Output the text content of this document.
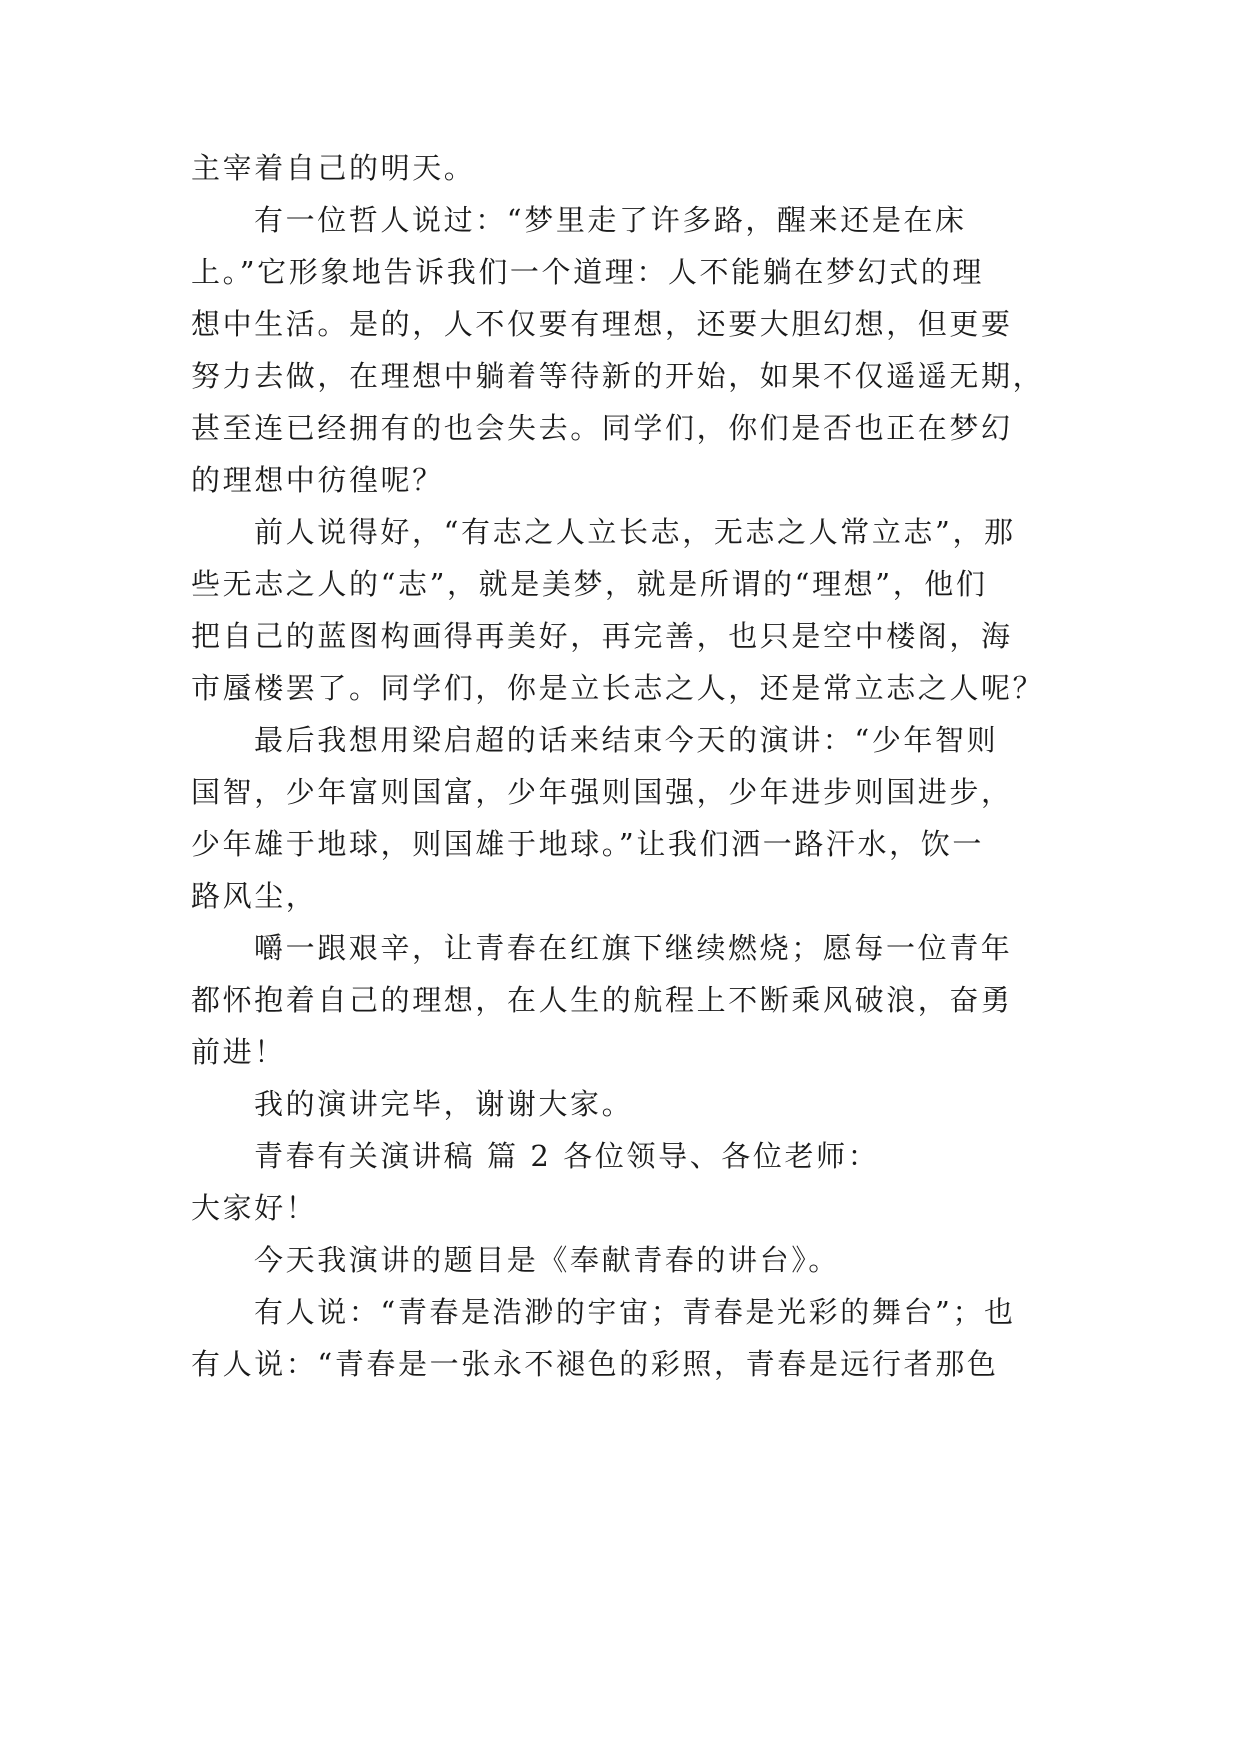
主宰着自己的明天。
有一位哲人说过：“梦里走了许多路，醒来还是在床
上。”它形象地告诉我们一个道理：人不能躺在梦幻式的理
想中生活。是的，人不仅要有理想，还要大胆幻想，但更要
努力去做，在理想中躺着等待新的开始，如果不仅遥遥无期，
甚至连已经拥有的也会失去。同学们，你们是否也正在梦幻
的理想中彷徨呢？
前人说得好，“有志之人立长志，无志之人常立志”，那
些无志之人的“志”，就是美梦，就是所谓的“理想”，他们
把自己的蓝图构画得再美好，再完善，也只是空中楼阁，海
市蜃楼罢了。同学们，你是立长志之人，还是常立志之人呢？
最后我想用梁启超的话来结束今天的演讲：“少年智则
国智，少年富则国富，少年强则国强，少年进步则国进步，
少年雄于地球，则国雄于地球。”让我们洒一路汗水，饮一
路风尘，
嚼一跟艰辛，让青春在红旗下继续燃烧；愿每一位青年
都怀抱着自己的理想，在人生的航程上不断乘风破浪，奋勇
前进！
我的演讲完毕，谢谢大家。
青春有关演讲稿 篇 2 各位领导、各位老师：
大家好！
今天我演讲的题目是《奉献青春的讲台》。
有人说：“青春是浩渺的宇宙；青春是光彩的舞台”；也
有人说：“青春是一张永不褪色的彩照，青春是远行者那色
